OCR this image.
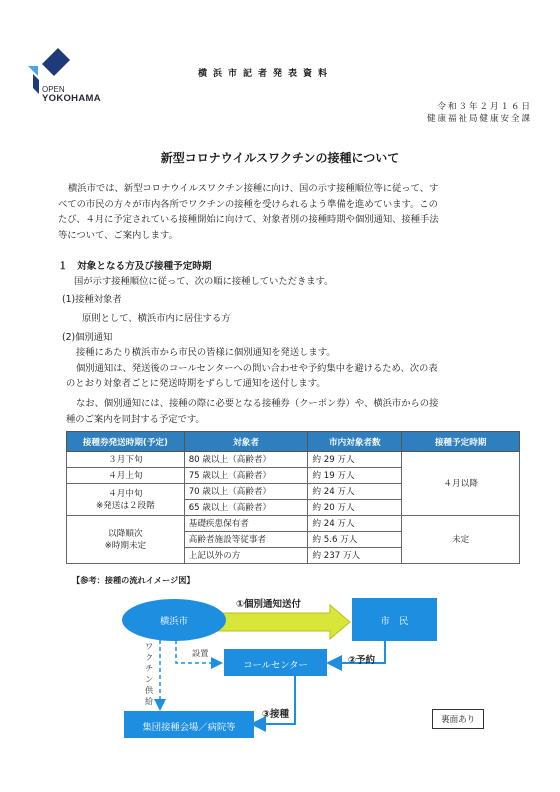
OPEN
YOKOHAMA
横浜市記者発表資料
令和３年２月１６日
健康福祉局健康安全課
新型コロナウイルスワクチンの接種について
横浜市では、新型コロナウイルスワクチン接種に向け、国の示す接種順位等に従って、す
べての市民の方々が市内各所でワクチンの接種を受けられるよう準備を進めています。この
たび、４月に予定されている接種開始に向けて、対象者別の接種時期や個別通知、接種手法
等について、ご案内します。
１　対象となる方及び接種予定時期
国が示す接種順位に従って、次の順に接種していただきます。
(1)接種対象者
原則として、横浜市内に居住する方
(2)個別通知
接種にあたり横浜市から市民の皆様に個別通知を発送します。
個別通知は、発送後のコールセンターへの問い合わせや予約集中を避けるため、次の表
のとおり対象者ごとに発送時期をずらして通知を送付します。
なお、個別通知には、接種の際に必要となる接種券（クーポン券）や、横浜市からの接
種のご案内を同封する予定です。
接種券発送時期(予定)	対象者	市内対象者数	接種予定時期
３月下旬	80 歳以上（高齢者）	約 29 万人	４月以降
４月上旬	75 歳以上（高齢者）	約 19 万人	

４月中旬
※発送は２段階	70 歳以上（高齢者）	約 24 万人	
	65 歳以上（高齢者）	約 20 万人	

以降順次
※時期未定	基礎疾患保有者	約 24 万人	未定
	高齢者施設等従事者	約 5.6 万人	
	上記以外の方	約 237 万人	
【参考：接種の流れイメージ図】
横浜市	市　民
コールセンター
集団接種会場／病院等
①個別通知送付
②予約
③接種
設置
ワクチン供給
裏面あり
